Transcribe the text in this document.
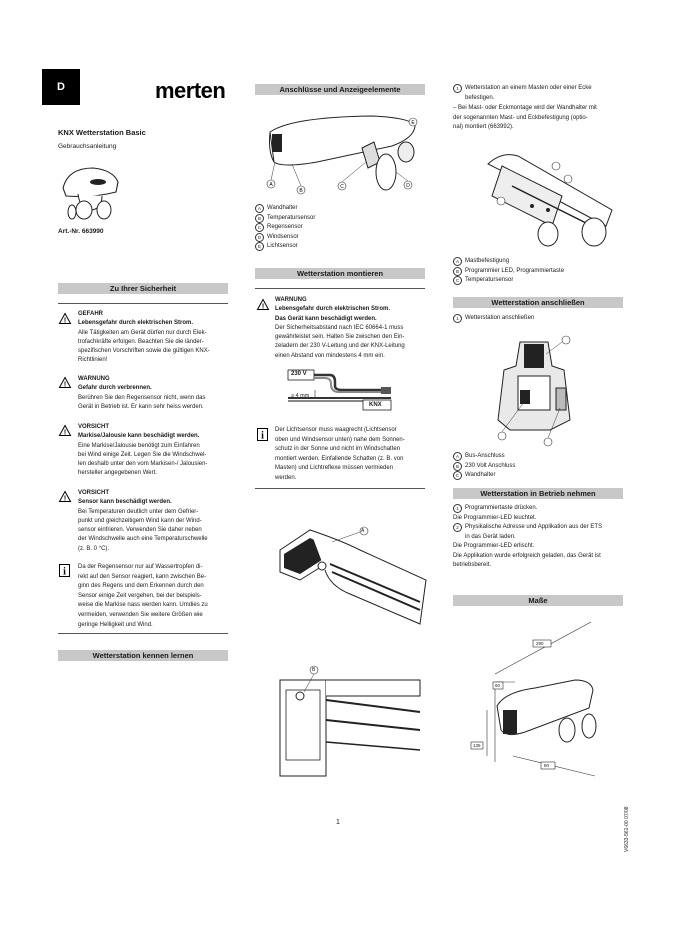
D	merten
KNX Wetterstation Basic
Gebrauchsanleitung
Art.-Nr. 663990
Zu Ihrer Sicherheit
!
GEFAHR
Lebensgefahr durch elektrischen Strom.
Alle Tätigkeiten am Gerät dürfen nur durch Elek-
trofachkräfte erfolgen. Beachten Sie die länder-
spezifischen Vorschriften sowie die gültigen KNX-
Richtlinien!
!
WARNUNG
Gefahr durch verbrennen.
Berühren Sie den Regensensor nicht, wenn das
Gerät in Betrieb ist. Er kann sehr heiss werden.
!
VORSICHT
Markise/Jalousie kann beschädigt werden.
Eine Markise/Jalousie benötigt zum Einfahren
bei Wind einige Zeit. Legen Sie die Windschwel-
len deshalb unter den vom Markisen-/ Jalousien-
hersteller angegebenen Wert.
!
VORSICHT
Sensor kann beschädigt werden.
Bei Temperaturen deutlich unter dem Gefrier-
punkt und gleichzeitigem Wind kann der Wind-
sensor einfrieren. Verwenden Sie daher neben
der Windschwelle auch eine Temperaturschwelle
(z. B. 0 °C).
i Da der Regensensor nur auf Wassertropfen di-
rekt auf den Sensor reagiert, kann zwischen Be-
ginn des Regens und dem Erkennen durch den
Sensor einige Zeit vergehen, bei der beispiels-
weise die Markise nass werden kann. Umdies zu
vermeiden, verwenden Sie weitere Größen wie
geringe Helligkeit und Wind.
Wetterstation kennen lernen
Anschlüsse und Anzeigeelemente
A
B
C	D
E
A	Wandhalter
B	Temperatursensor
C Regensensor
D Windsensor
E	Lichtsensor
Wetterstation montieren
!
WARNUNG
Lebensgefahr durch elektrischen Strom.
Das Gerät kann beschädigt werden.
Der Sicherheitsabstand nach IEC 60664-1 muss
gewährleistet sein. Halten Sie zwischen den Ein-
zeladern der 230 V-Leitung und der KNX-Leitung
einen Abstand von mindestens 4 mm ein.
230 V
≥ 4 mm
KNX
i
Der Lichtsensor muss waagrecht (Lichtsensor
oben und Windsensor unten) nahe dem Sonnen-
schutz in der Sonne und nicht im Windschatten
montiert werden. Einfallende Schatten (z. B. von
Masten) und Lichtreflexe müssen vermieden
werden.
A
B
1
1	Wetterstation an einem Masten oder einer Ecke
befestigen.
– Bei Mast- oder Eckmontage wird der Wandhalter mit
der sogenannten Mast- und Eckbefestigung (optio-
nal) montiert (663992).
A	Mastbefestigung
B	Programmier LED, Programmiertaste
C Temperatursensor
Wetterstation anschließen
1	Wetterstation anschließen
A	Bus-Anschluss
B	230 Volt Anschluss
C Wandhalter
Wetterstation in Betrieb nehmen
1	Programmiertaste drücken.
Die Programmier-LED leuchtet.
2	Physikalische Adresse und Applikation aus der ETS
in das Gerät laden.
Die Programmier-LED erlischt.
Die Applikation wurde erfolgreich geladen, das Gerät ist
betriebsbereit.
Maße
290
60
135
80
V6633-561-00 07/08
